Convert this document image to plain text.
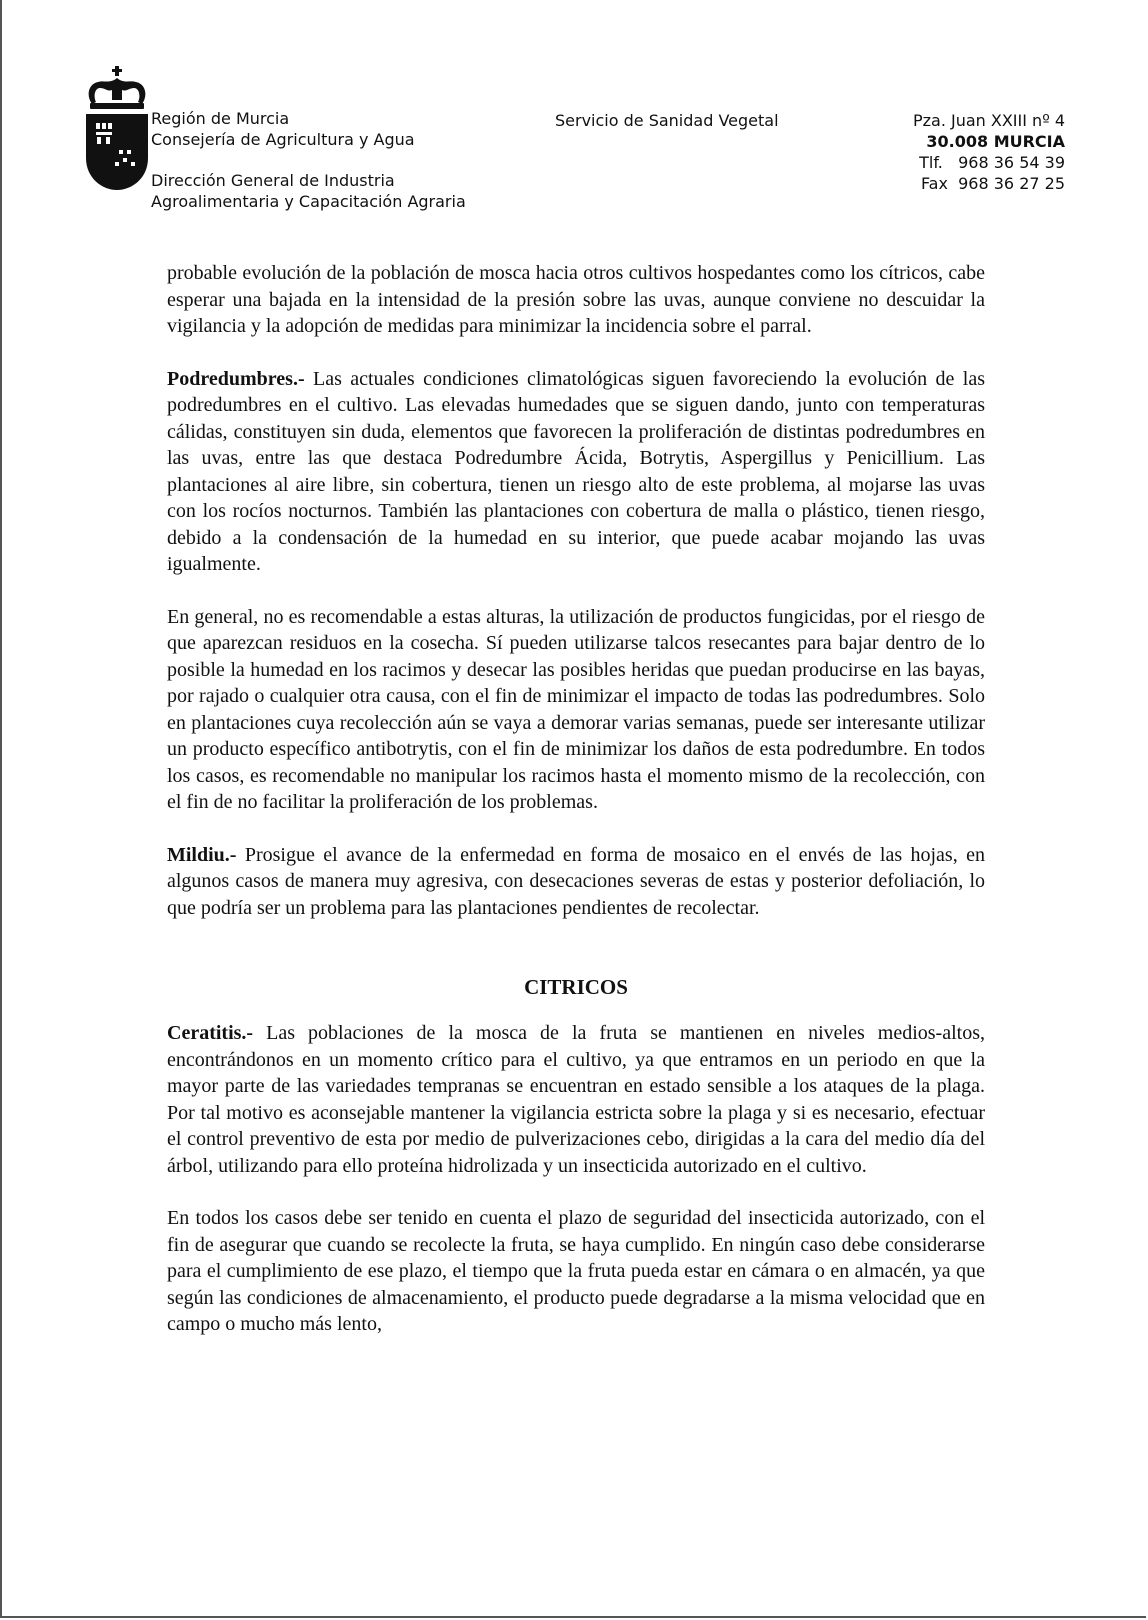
Región de Murcia
Consejería de Agricultura y Agua
Dirección General de Industria
Agroalimentaria y Capacitación Agraria
Servicio de Sanidad Vegetal	Pza. Juan XXIII nº 4
30.008 MURCIA
Tlf.   968 36 54 39
Fax  968 36 27 25

probable evolución de la población de mosca hacia otros cultivos hospedantes como los cítricos, cabe esperar una bajada en la intensidad de la presión sobre las uvas, aunque conviene no descuidar la vigilancia y la adopción de medidas para minimizar la incidencia sobre el parral.

Podredumbres.- Las actuales condiciones climatológicas siguen favoreciendo la evolución de las podredumbres en el cultivo. Las elevadas humedades que se siguen dando, junto con temperaturas cálidas, constituyen sin duda, elementos que favorecen la proliferación de distintas podredumbres en las uvas, entre las que destaca Podredumbre Ácida, Botrytis, Aspergillus y Penicillium. Las plantaciones al aire libre, sin cobertura, tienen un riesgo alto de este problema, al mojarse las uvas con los rocíos nocturnos. También las plantaciones con cobertura de malla o plástico, tienen riesgo, debido a la condensación de la humedad en su interior, que puede acabar mojando las uvas igualmente.

En general, no es recomendable a estas alturas, la utilización de productos fungicidas, por el riesgo de que aparezcan residuos en la cosecha. Sí pueden utilizarse talcos resecantes para bajar dentro de lo posible la humedad en los racimos y desecar las posibles heridas que puedan producirse en las bayas, por rajado o cualquier otra causa, con el fin de minimizar el impacto de todas las podredumbres. Solo en plantaciones cuya recolección aún se vaya a demorar varias semanas, puede ser interesante utilizar un producto específico antibotrytis, con el fin de minimizar los daños de esta podredumbre. En todos los casos, es recomendable no manipular los racimos hasta el momento mismo de la recolección, con el fin de no facilitar la proliferación de los problemas.

Mildiu.- Prosigue el avance de la enfermedad en forma de mosaico en el envés de las hojas, en algunos casos de manera muy agresiva, con desecaciones severas de estas y posterior defoliación, lo que podría ser un problema para las plantaciones pendientes de recolectar.

CITRICOS

Ceratitis.- Las poblaciones de la mosca de la fruta se mantienen en niveles medios-altos, encontrándonos en un momento crítico para el cultivo, ya que entramos en un periodo en que la mayor parte de las variedades tempranas se encuentran en estado sensible a los ataques de la plaga. Por tal motivo es aconsejable mantener la vigilancia estricta sobre la plaga y si es necesario, efectuar el control preventivo de esta por medio de pulverizaciones cebo, dirigidas a la cara del medio día del árbol, utilizando para ello proteína hidrolizada y un insecticida autorizado en el cultivo.

En todos los casos debe ser tenido en cuenta el plazo de seguridad del insecticida autorizado, con el fin de asegurar que cuando se recolecte la fruta, se haya cumplido. En ningún caso debe considerarse para el cumplimiento de ese plazo, el tiempo que la fruta pueda estar en cámara o en almacén, ya que según las condiciones de almacenamiento, el producto puede degradarse a la misma velocidad que en campo o mucho más lento,
